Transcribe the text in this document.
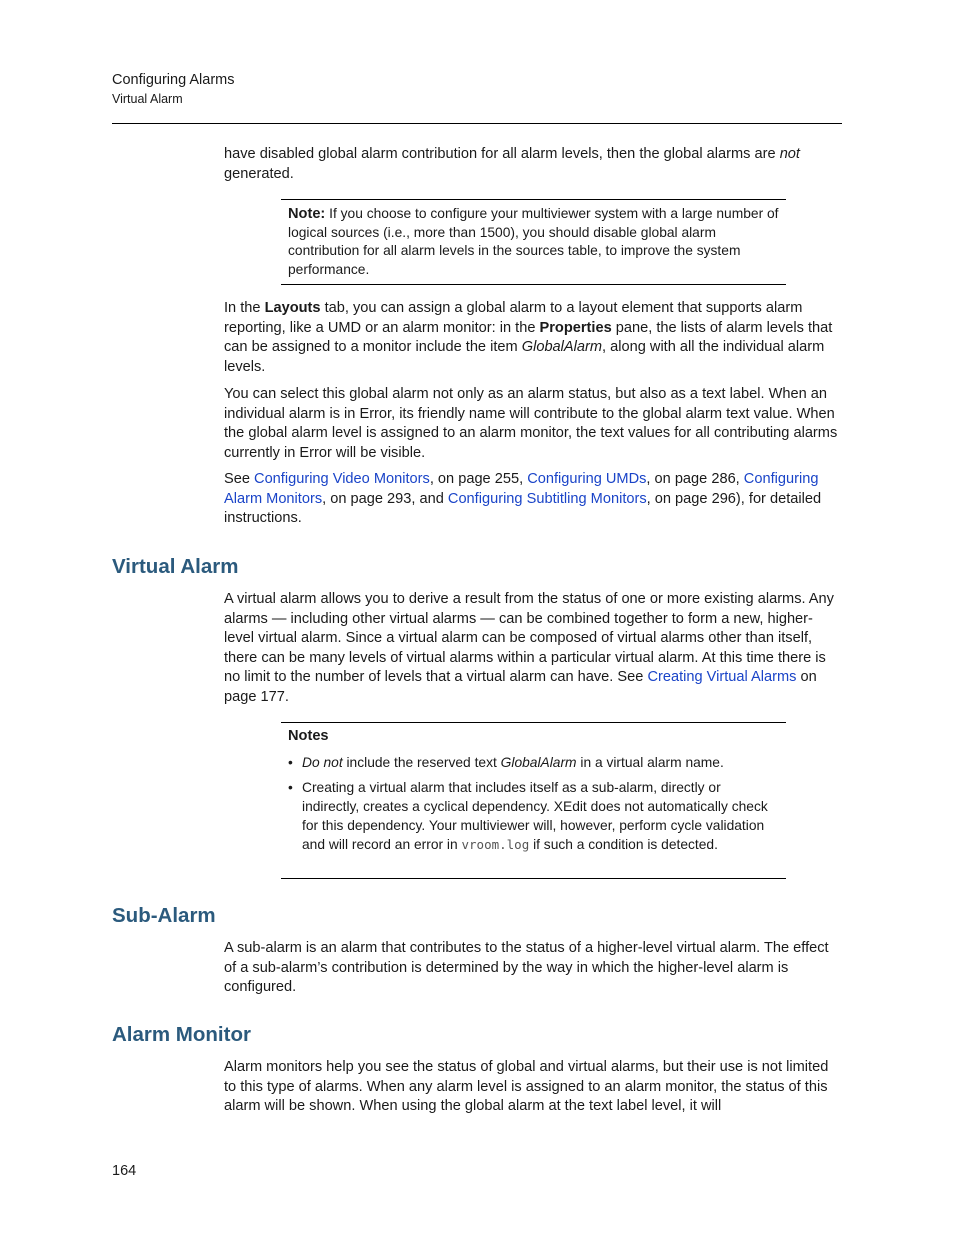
Configuring Alarms
Virtual Alarm

have disabled global alarm contribution for all alarm levels, then the global alarms are not generated.

Note: If you choose to configure your multiviewer system with a large number of logical sources (i.e., more than 1500), you should disable global alarm contribution for all alarm levels in the sources table, to improve the system performance.

In the Layouts tab, you can assign a global alarm to a layout element that supports alarm reporting, like a UMD or an alarm monitor: in the Properties pane, the lists of alarm levels that can be assigned to a monitor include the item GlobalAlarm, along with all the individual alarm levels.

You can select this global alarm not only as an alarm status, but also as a text label. When an individual alarm is in Error, its friendly name will contribute to the global alarm text value. When the global alarm level is assigned to an alarm monitor, the text values for all contributing alarms currently in Error will be visible.

See Configuring Video Monitors, on page 255, Configuring UMDs, on page 286, Configuring Alarm Monitors, on page 293, and Configuring Subtitling Monitors, on page 296), for detailed instructions.

Virtual Alarm

A virtual alarm allows you to derive a result from the status of one or more existing alarms. Any alarms — including other virtual alarms — can be combined together to form a new, higher-level virtual alarm. Since a virtual alarm can be composed of virtual alarms other than itself, there can be many levels of virtual alarms within a particular virtual alarm. At this time there is no limit to the number of levels that a virtual alarm can have. See Creating Virtual Alarms on page 177.

Notes
• Do not include the reserved text GlobalAlarm in a virtual alarm name.
• Creating a virtual alarm that includes itself as a sub-alarm, directly or indirectly, creates a cyclical dependency. XEdit does not automatically check for this dependency. Your multiviewer will, however, perform cycle validation and will record an error in vroom.log if such a condition is detected.
Sub-Alarm

A sub-alarm is an alarm that contributes to the status of a higher-level virtual alarm. The effect of a sub-alarm’s contribution is determined by the way in which the higher-level alarm is configured.

Alarm Monitor

Alarm monitors help you see the status of global and virtual alarms, but their use is not limited to this type of alarms. When any alarm level is assigned to an alarm monitor, the status of this alarm will be shown. When using the global alarm at the text label level, it will

164
